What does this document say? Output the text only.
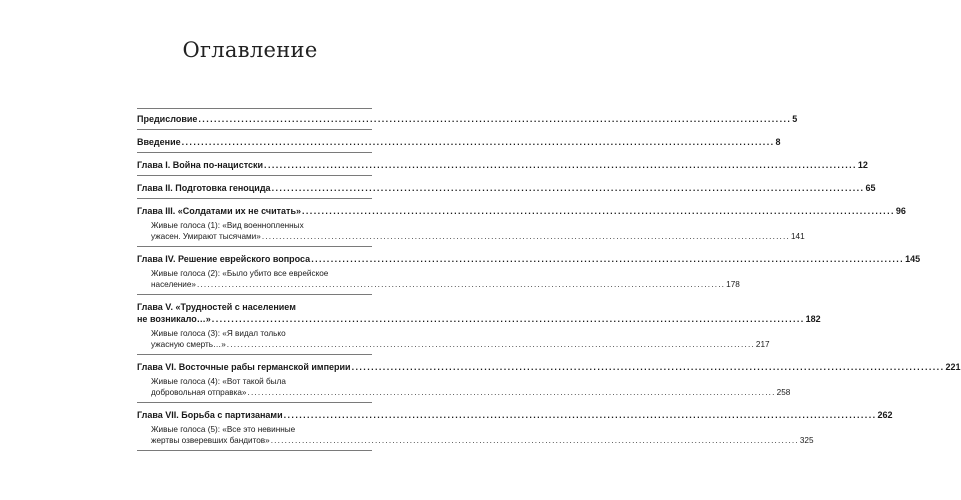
Оглавление
Предисловие .....	5
Введение .....	8
Глава I. Война по-нацистски .....	12
Глава II. Подготовка геноцида .....	65
Глава III. «Солдатами их не считать» .....	96
Живые голоса (1): «Вид военнопленных
ужасен. Умирают тысячами» .....	141
Глава IV. Решение еврейского вопроса .....	145
Живые голоса (2): «Было убито все еврейское
население» .....	178
Глава V. «Трудностей с населением
не возникало…» .....	182
Живые голоса (3): «Я видал только
ужасную смерть…» .....	217
Глава VI. Восточные рабы германской империи .....	221
Живые голоса (4): «Вот такой была
добровольная отправка» .....	258
Глава VII. Борьба с партизанами .....	262
Живые голоса (5): «Все это невинные
жертвы озверевших бандитов» .....	325
